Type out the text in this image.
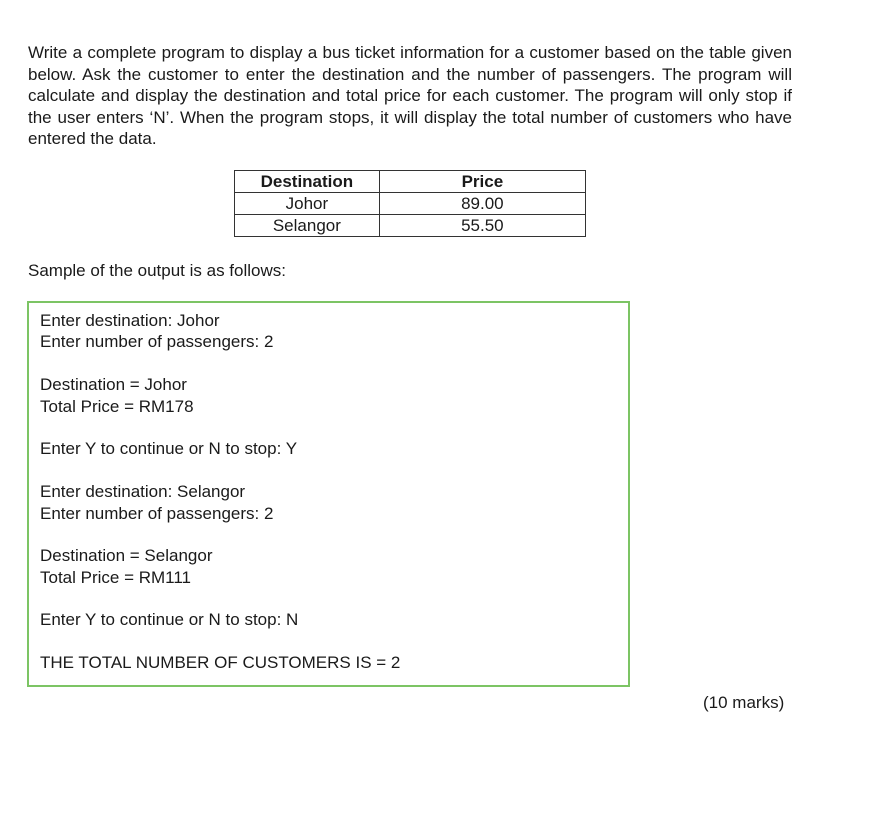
Write a complete program to display a bus ticket information for a customer based on the table given below. Ask the customer to enter the destination and the number of passengers. The program will calculate and display the destination and total price for each customer. The program will only stop if the user enters ‘N’. When the program stops, it will display the total number of customers who have entered the data.

Destination	Price
Johor	89.00
Selangor	55.50

Sample of the output is as follows:

Enter destination: Johor
Enter number of passengers: 2
Destination = Johor
Total Price = RM178
Enter Y to continue or N to stop: Y
Enter destination: Selangor
Enter number of passengers: 2
Destination = Selangor
Total Price = RM111
Enter Y to continue or N to stop: N
THE TOTAL NUMBER OF CUSTOMERS IS = 2

(10 marks)
